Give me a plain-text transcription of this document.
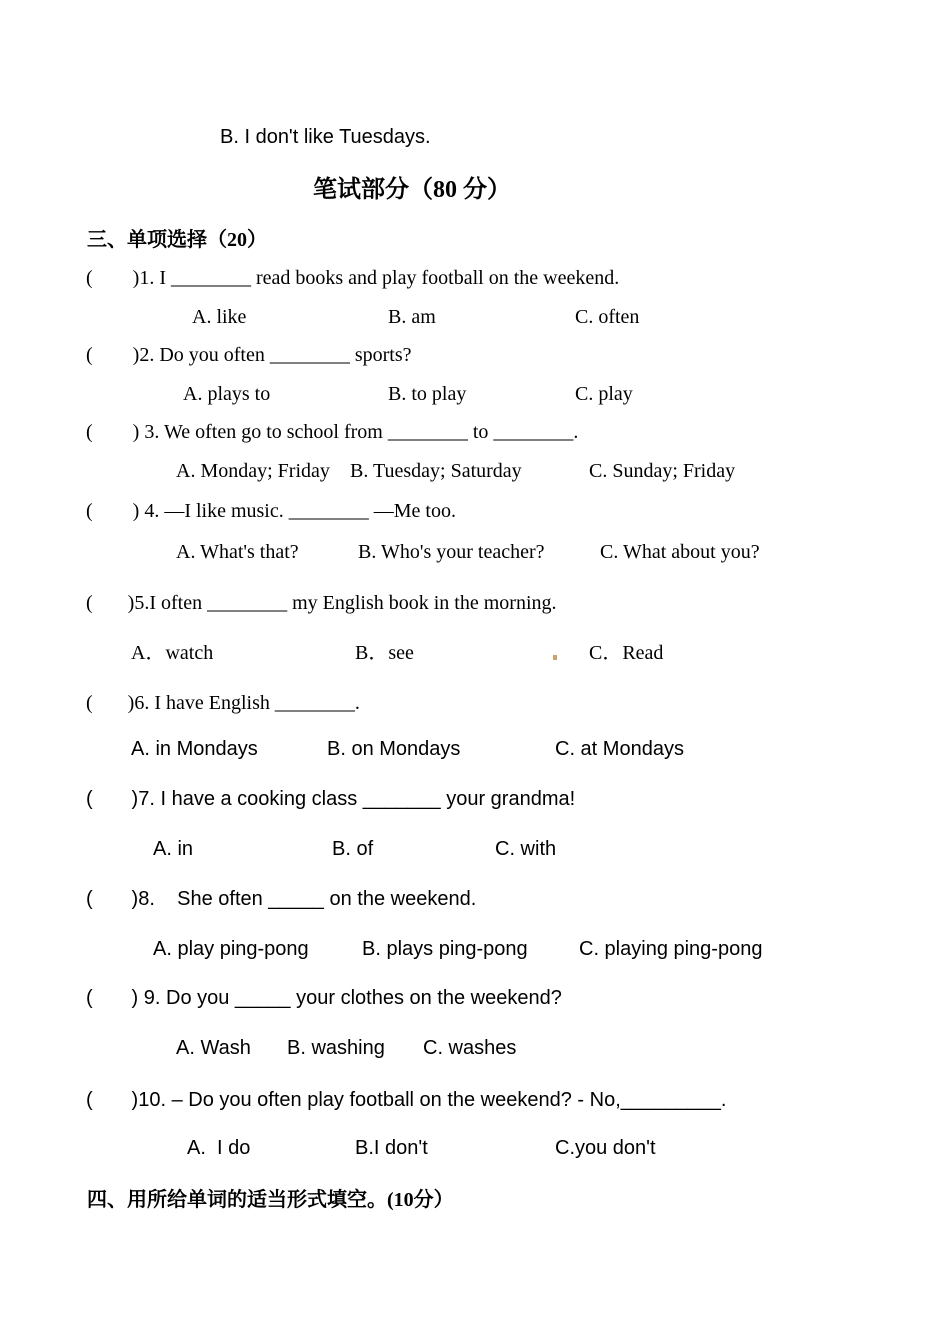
B. I don't like Tuesdays.
笔试部分（80 分）
三、单项选择（20）
(        )1. I ________ read books and play football on the weekend.
A. like	B. am	C. often
(        )2. Do you often ________ sports?
A. plays to	B. to play	C. play
(        ) 3. We often go to school from ________ to ________.
A. Monday; Friday B. Tuesday; Saturday	C. Sunday; Friday
(        ) 4. —I like music. ________ —Me too.
A. What's that?	B. Who's your teacher?	C. What about you?
(       )5.I often ________ my English book in the morning.
A．watch	B．see	C．Read
(       )6. I have English ________.
A. in Mondays	B. on Mondays	C. at Mondays
(       )7. I have a cooking class _______ your grandma!
A. in	B. of	C. with
(       )8.    She often _____ on the weekend.
A. play ping-pong	B. plays ping-pong	C. playing ping-pong
(       ) 9. Do you _____ your clothes on the weekend?
A. Wash B. washing C. washes
(       )10. – Do you often play football on the weekend? - No,_________.
A.  I do	B.I don't	C.you don't
四、用所给单词的适当形式填空。(10分）
